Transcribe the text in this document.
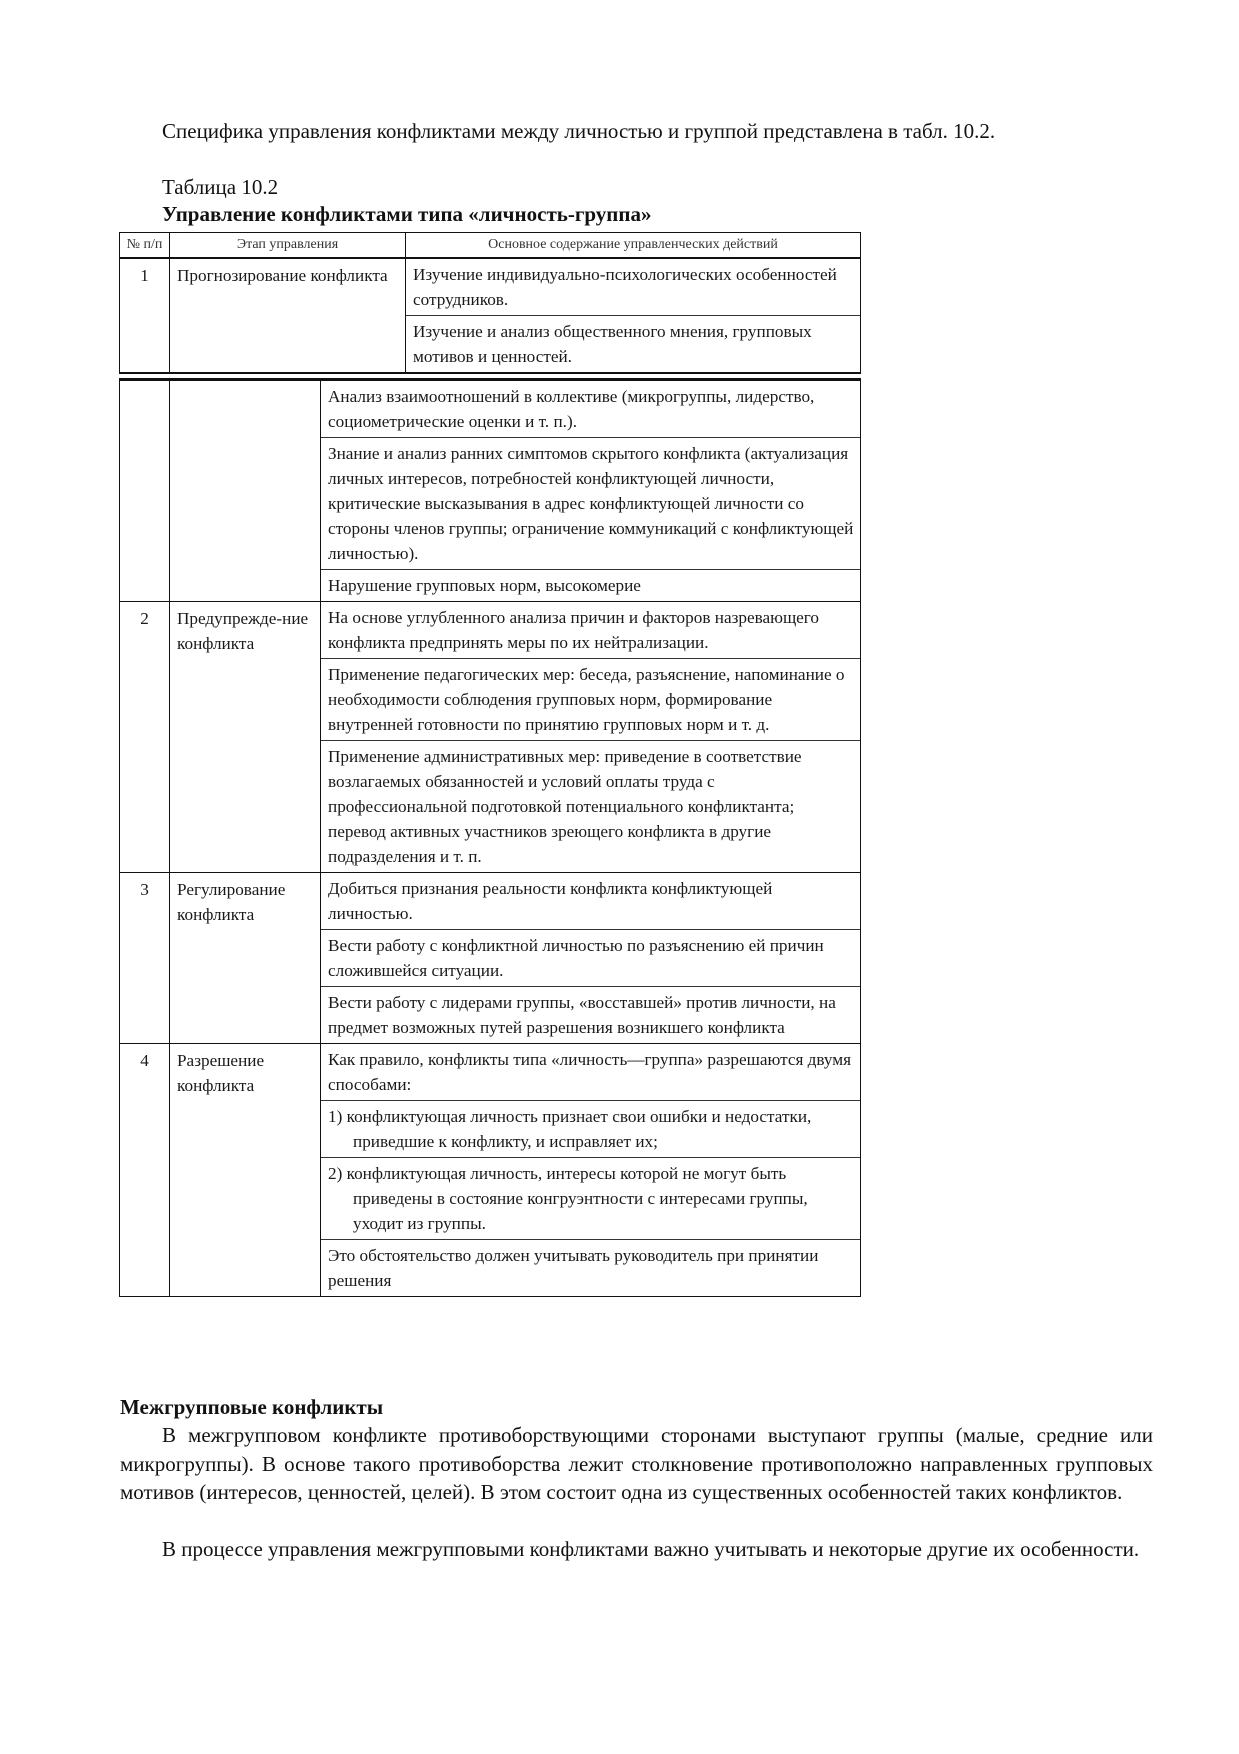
Специфика управления конфликтами между личностью и группой представлена в табл. 10.2.

Таблица 10.2

Управление конфликтами типа «личность-группа»

№ п/п	Этап управления	Основное содержание управленческих действий
1	Прогнозирование конфликта	Изучение индивидуально-психологических особенностей сотрудников.
Изучение и анализ общественного мнения, групповых мотивов и ценностей.

		Анализ взаимоотношений в коллективе (микрогруппы, лидерство, социометрические оценки и т. п.).
Знание и анализ ранних симптомов скрытого конфликта (актуализация личных интересов, потребностей конфликтующей личности, критические высказывания в адрес конфликтующей личности со стороны членов группы; ограничение коммуникаций с конфликтующей личностью).
Нарушение групповых норм, высокомерие

2	Предупрежде-ние конфликта	На основе углубленного анализа причин и факторов назревающего конфликта предпринять меры по их нейтрализации.
Применение педагогических мер: беседа, разъяснение, напоминание о необходимости соблюдения групповых норм, формирование внутренней готовности по принятию групповых норм и т. д.
Применение административных мер: приведение в соответствие возлагаемых обязанностей и условий оплаты труда с профессиональной подготовкой потенциального конфликтанта; перевод активных участников зреющего конфликта в другие подразделения и т. п.

3	Регулирование конфликта	Добиться признания реальности конфликта конфликтующей личностью.
Вести работу с конфликтной личностью по разъяснению ей причин сложившейся ситуации.
Вести работу с лидерами группы, «восставшей» против личности, на предмет возможных путей разрешения возникшего конфликта

4	Разрешение конфликта	Как правило, конфликты типа «личность—группа» разрешаются двумя способами:
1) конфликтующая личность признает свои ошибки и недостатки, приведшие к конфликту, и исправляет их;
2) конфликтующая личность, интересы которой не могут быть приведены в состояние конгруэнтности с интересами группы, уходит из группы.
Это обстоятельство должен учитывать руководитель при принятии решения

Межгрупповые конфликты

В межгрупповом конфликте противоборствующими сторонами выступают группы (малые, средние или микрогруппы). В основе такого противоборства лежит столкновение противоположно направленных групповых мотивов (интересов, ценностей, целей). В этом состоит одна из существенных особенностей таких конфликтов.

В процессе управления межгрупповыми конфликтами важно учитывать и некоторые другие их особенности.
